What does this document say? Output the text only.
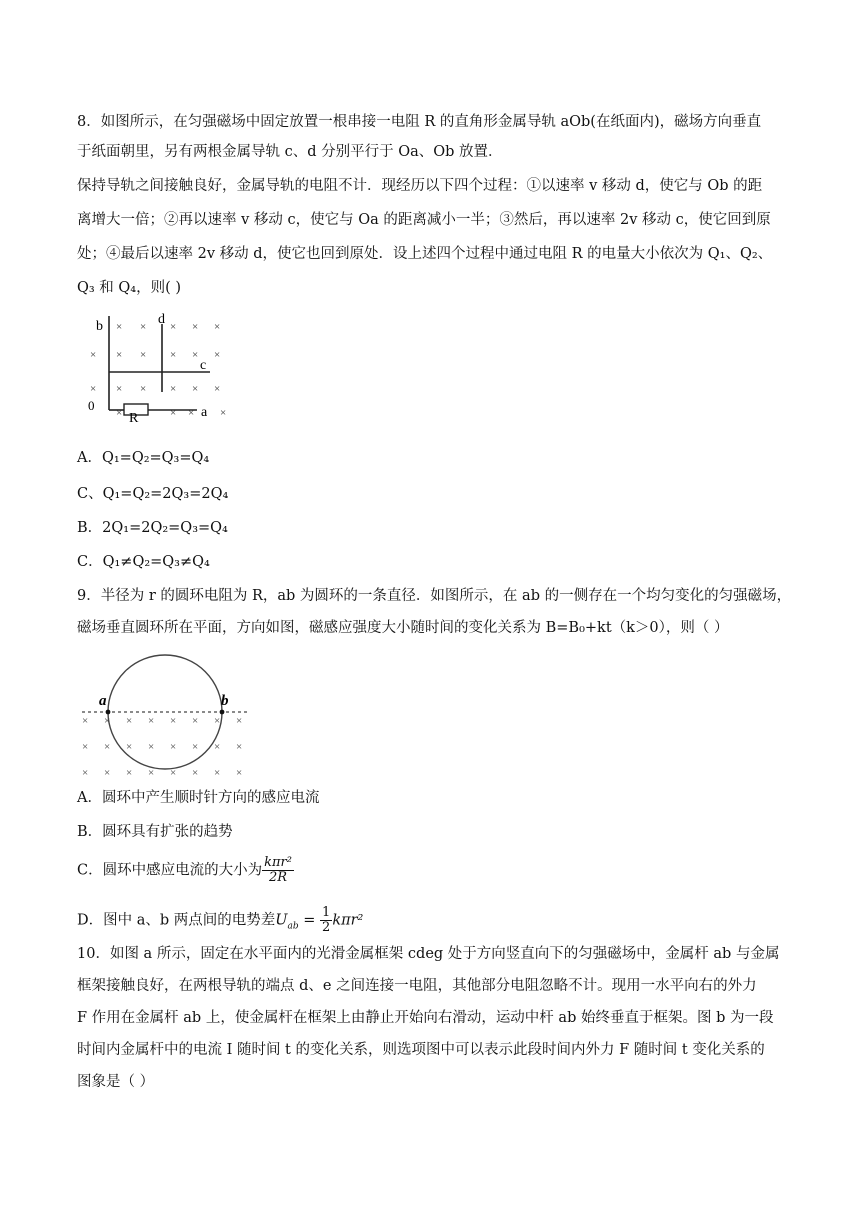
8．如图所示，在匀强磁场中固定放置一根串接一电阻 R 的直角形金属导轨 aOb(在纸面内)，磁场方向垂直
于纸面朝里，另有两根金属导轨 c、d 分别平行于 Oa、Ob 放置．
保持导轨之间接触良好，金属导轨的电阻不计．现经历以下四个过程：①以速率 v 移动 d，使它与 Ob 的距
离增大一倍；②再以速率 v 移动 c，使它与 Oa 的距离减小一半；③然后，再以速率 2v 移动 c，使它回到原
处；④最后以速率 2v 移动 d，使它也回到原处．设上述四个过程中通过电阻 R 的电量大小依次为 Q₁、Q₂、
Q₃ 和 Q₄，则( )
b	d
c
0
R	a
× × × × ×
× × × × × ×
× × × × × ×
×	× × ×
A．Q₁=Q₂=Q₃=Q₄
C、Q₁=Q₂=2Q₃=2Q₄
B．2Q₁=2Q₂=Q₃=Q₄
C．Q₁≠Q₂=Q₃≠Q₄
9．半径为 r 的圆环电阻为 R，ab 为圆环的一条直径．如图所示，在 ab 的一侧存在一个均匀变化的匀强磁场，
磁场垂直圆环所在平面，方向如图，磁感应强度大小随时间的变化关系为 B=B₀+kt（k＞0），则（ ）
a	b
× × × × × × × ×
× × × × × × × ×
× × × × × × × ×
A．圆环中产生顺时针方向的感应电流
B．圆环具有扩张的趋势
C．圆环中感应电流的大小为 $\frac{\text{kπr²}}{2R}$
D．图中 a、b 两点间的电势差$U_{ab} = \frac{1}{2} k\pi r^2$
10．如图 a 所示，固定在水平面内的光滑金属框架 cdeg 处于方向竖直向下的匀强磁场中，金属杆 ab 与金属
框架接触良好，在两根导轨的端点 d、e 之间连接一电阻，其他部分电阻忽略不计。现用一水平向右的外力
F 作用在金属杆 ab 上，使金属杆在框架上由静止开始向右滑动，运动中杆 ab 始终垂直于框架。图 b 为一段
时间内金属杆中的电流 I 随时间 t 的变化关系，则选项图中可以表示此段时间内外力 F 随时间 t 变化关系的
图象是（ ）
